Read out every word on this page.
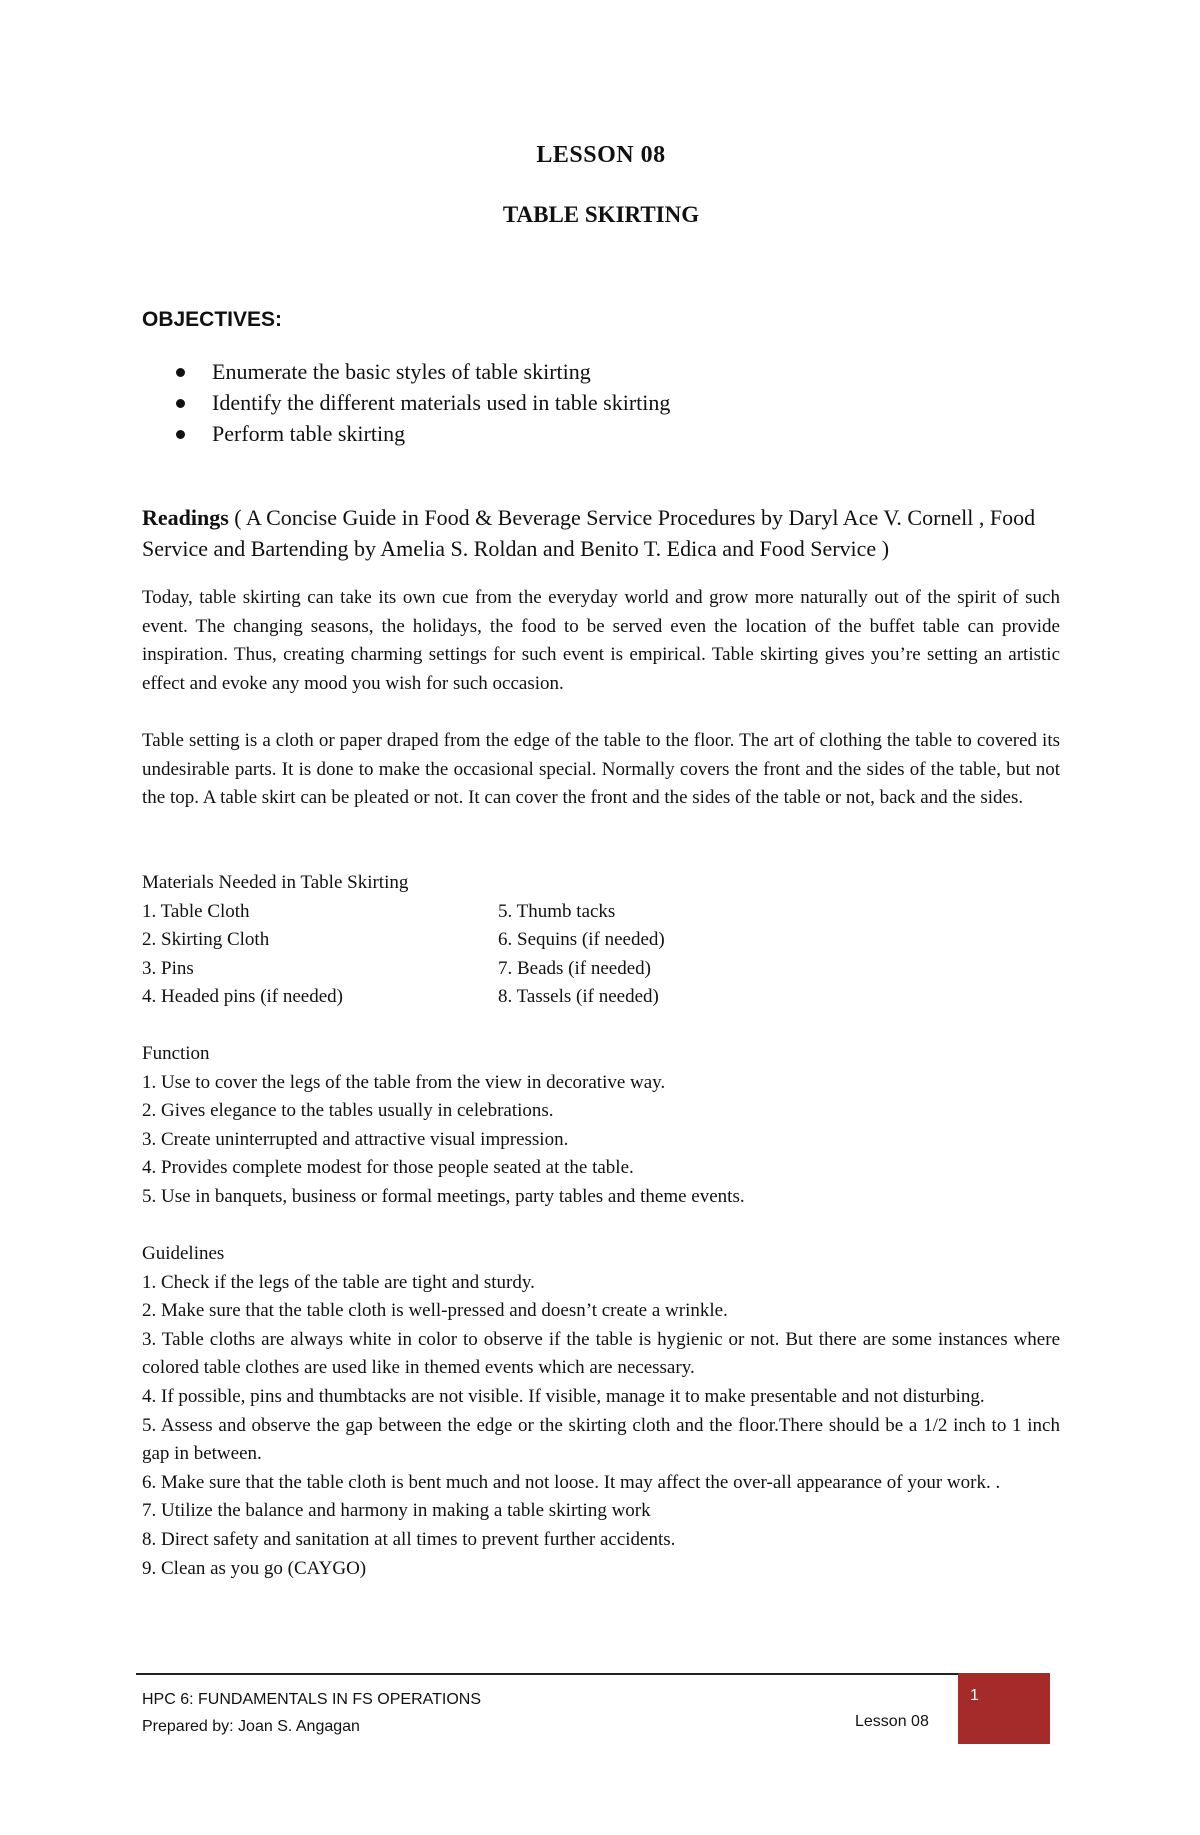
LESSON 08
TABLE SKIRTING
OBJECTIVES:
Enumerate the basic styles of table skirting
Identify the different materials used in table skirting
Perform table skirting
Readings ( A Concise Guide in Food & Beverage Service Procedures by Daryl Ace V. Cornell , Food Service and Bartending by Amelia S. Roldan and Benito T. Edica and Food Service )
Today, table skirting can take its own cue from the everyday world and grow more naturally out of the spirit of such event. The changing seasons, the holidays, the food to be served even the location of the buffet table can provide inspiration. Thus, creating charming settings for such event is empirical. Table skirting gives you’re setting an artistic effect and evoke any mood you wish for such occasion.
Table setting is a cloth or paper draped from the edge of the table to the floor. The art of clothing the table to covered its undesirable parts. It is done to make the occasional special. Normally covers the front and the sides of the table, but not the top. A table skirt can be pleated or not. It can cover the front and the sides of the table or not, back and the sides.
Materials Needed in Table Skirting
1. Table Cloth	5. Thumb tacks
2. Skirting Cloth	6. Sequins (if needed)
3. Pins	7. Beads (if needed)
4. Headed pins (if needed)	8. Tassels (if needed)
Function
1. Use to cover the legs of the table from the view in decorative way.
2. Gives elegance to the tables usually in celebrations.
3. Create uninterrupted and attractive visual impression.
4. Provides complete modest for those people seated at the table.
5. Use in banquets, business or formal meetings, party tables and theme events.
Guidelines
1. Check if the legs of the table are tight and sturdy.
2. Make sure that the table cloth is well-pressed and doesn’t create a wrinkle.
3. Table cloths are always white in color to observe if the table is hygienic or not. But there are some instances where colored table clothes are used like in themed events which are necessary.
4. If possible, pins and thumbtacks are not visible. If visible, manage it to make presentable and not disturbing.
5. Assess and observe the gap between the edge or the skirting cloth and the floor.There should be a 1/2 inch to 1 inch gap in between.
6. Make sure that the table cloth is bent much and not loose. It may affect the over-all appearance of your work. .
7. Utilize the balance and harmony in making a table skirting work
8. Direct safety and sanitation at all times to prevent further accidents.
9. Clean as you go (CAYGO)
HPC 6: FUNDAMENTALS IN FS OPERATIONS
Prepared by: Joan S. Angagan	Lesson 08
1
